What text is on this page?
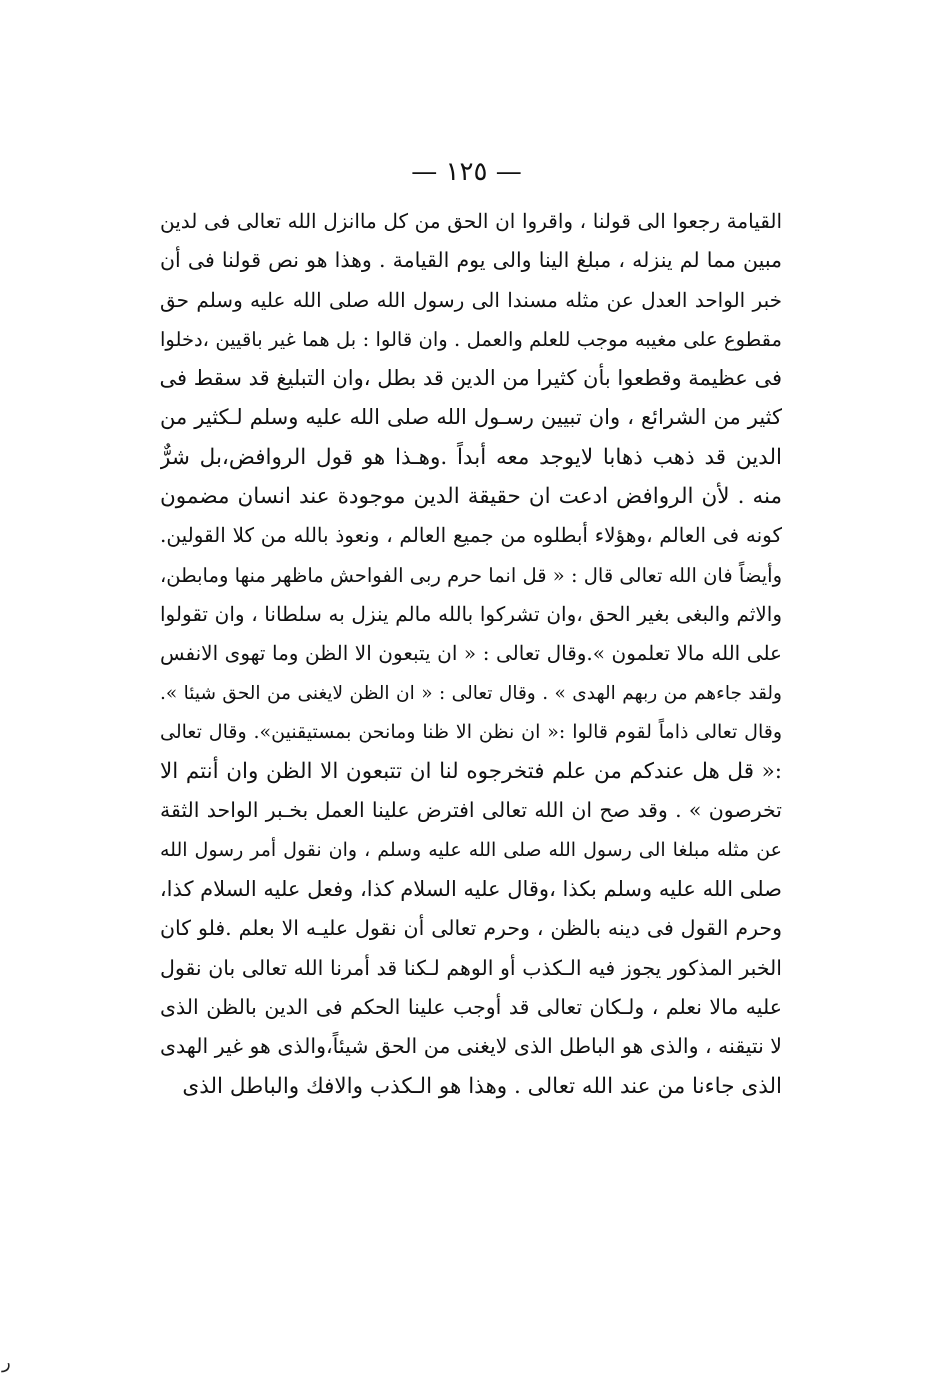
— ١٢٥ —
القيامة رجعوا الى قولنا ، واقروا ان الحق من كل ماانزل الله تعالى فى لدين
مبين مما لم ينزله ، مبلغ الينا والى يوم القيامة . وهذا هو نص قولنا فى أن
خبر الواحد العدل عن مثله مسندا الى رسول الله صلى الله عليه وسلم حق
مقطوع على مغيبه موجب للعلم والعمل . وان قالوا : بل هما غير باقيين ،دخلوا
فى عظيمة وقطعوا بأن كثيرا من الدين قد بطل ،وان التبليغ قد سقط فى
كثير من الشرائع ، وان تبيين رسـول الله صلى الله عليه وسلم لـكثير من
الدين قد ذهب ذهابا لايوجد معه أبداً .وهـذا هو قول الروافض،بل شرٌّ
منه . لأن الروافض ادعت ان حقيقة الدين موجودة عند انسان مضمون
كونه فى العالم ،وهؤلاء أبطلوه من جميع العالم ، ونعوذ بالله من كلا القولين.
وأيضاً فان الله تعالى قال : « قل انما حرم ربى الفواحش ماظهر منها ومابطن،
والاثم والبغى بغير الحق ،وان تشركوا بالله مالم ينزل به سلطانا ، وان تقولوا
على الله مالا تعلمون ».وقال تعالى : « ان يتبعون الا الظن وما تهوى الانفس
ولقد جاءهم من ربهم الهدى » . وقال تعالى : « ان الظن لايغنى من الحق شيئا ».
وقال تعالى ذاماً لقوم قالوا :« ان نظن الا ظنا ومانحن بمستيقنين». وقال تعالى
:« قل هل عندكم من علم فتخرجوه لنا ان تتبعون الا الظن وان أنتم الا
تخرصون » . وقد صح ان الله تعالى افترض علينا العمل بخـبر الواحد الثقة
عن مثله مبلغا الى رسول الله صلى الله عليه وسلم ، وان نقول أمر رسول الله
صلى الله عليه وسلم بكذا ،وقال عليه السلام كذا، وفعل عليه السلام كذا،
وحرم القول فى دينه بالظن ، وحرم تعالى أن نقول عليـه الا بعلم .فلو كان
الخبر المذكور يجوز فيه الـكذب أو الوهم لـكنا قد أمرنا الله تعالى بان نقول
عليه مالا نعلم ، ولـكان تعالى قد أوجب علينا الحكم فى الدين بالظن الذى
لا نتيقنه ، والذى هو الباطل الذى لايغنى من الحق شيئاً،والذى هو غير الهدى
الذى جاءنا من عند الله تعالى . وهذا هو الـكذب والافك والباطل الذى
ﺭ
